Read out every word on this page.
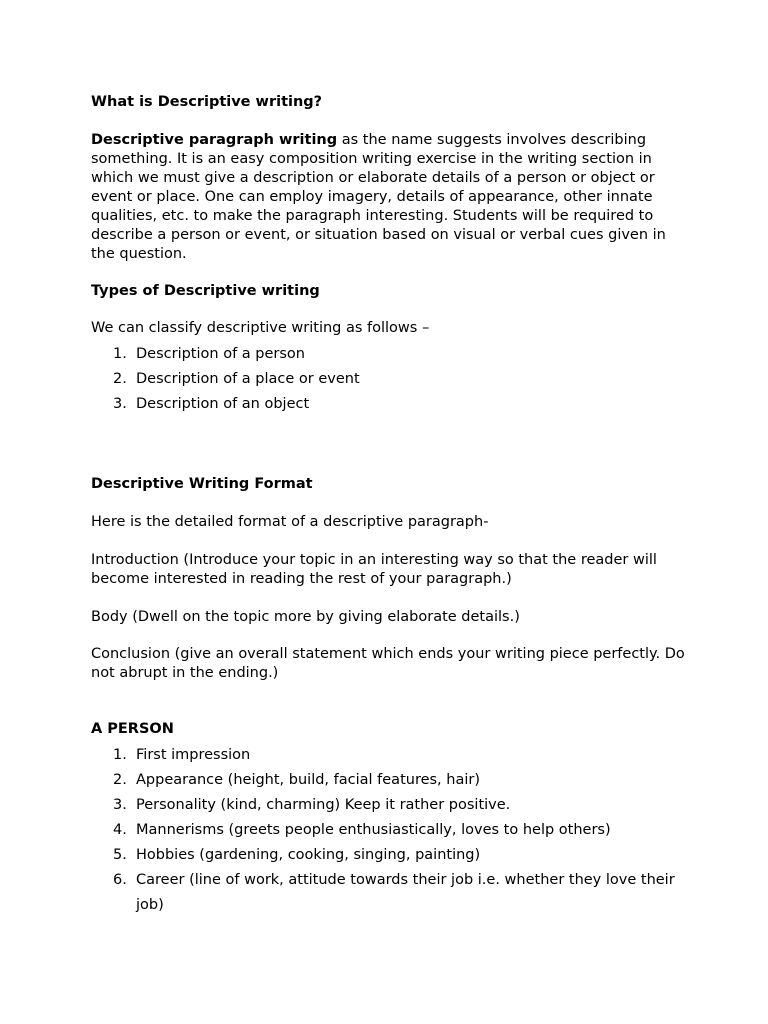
What is Descriptive writing?

Descriptive paragraph writing as the name suggests involves describing something. It is an easy composition writing exercise in the writing section in which we must give a description or elaborate details of a person or object or event or place. One can employ imagery, details of appearance, other innate qualities, etc. to make the paragraph interesting. Students will be required to describe a person or event, or situation based on visual or verbal cues given in the question.

Types of Descriptive writing

We can classify descriptive writing as follows –

1. Description of a person
2. Description of a place or event
3. Description of an object

Descriptive Writing Format

Here is the detailed format of a descriptive paragraph-

Introduction (Introduce your topic in an interesting way so that the reader will become interested in reading the rest of your paragraph.)

Body (Dwell on the topic more by giving elaborate details.)

Conclusion (give an overall statement which ends your writing piece perfectly. Do not abrupt in the ending.)

A PERSON

1. First impression
2. Appearance (height, build, facial features, hair)
3. Personality (kind, charming) Keep it rather positive.
4. Mannerisms (greets people enthusiastically, loves to help others)
5. Hobbies (gardening, cooking, singing, painting)
6. Career (line of work, attitude towards their job i.e. whether they love their job)
